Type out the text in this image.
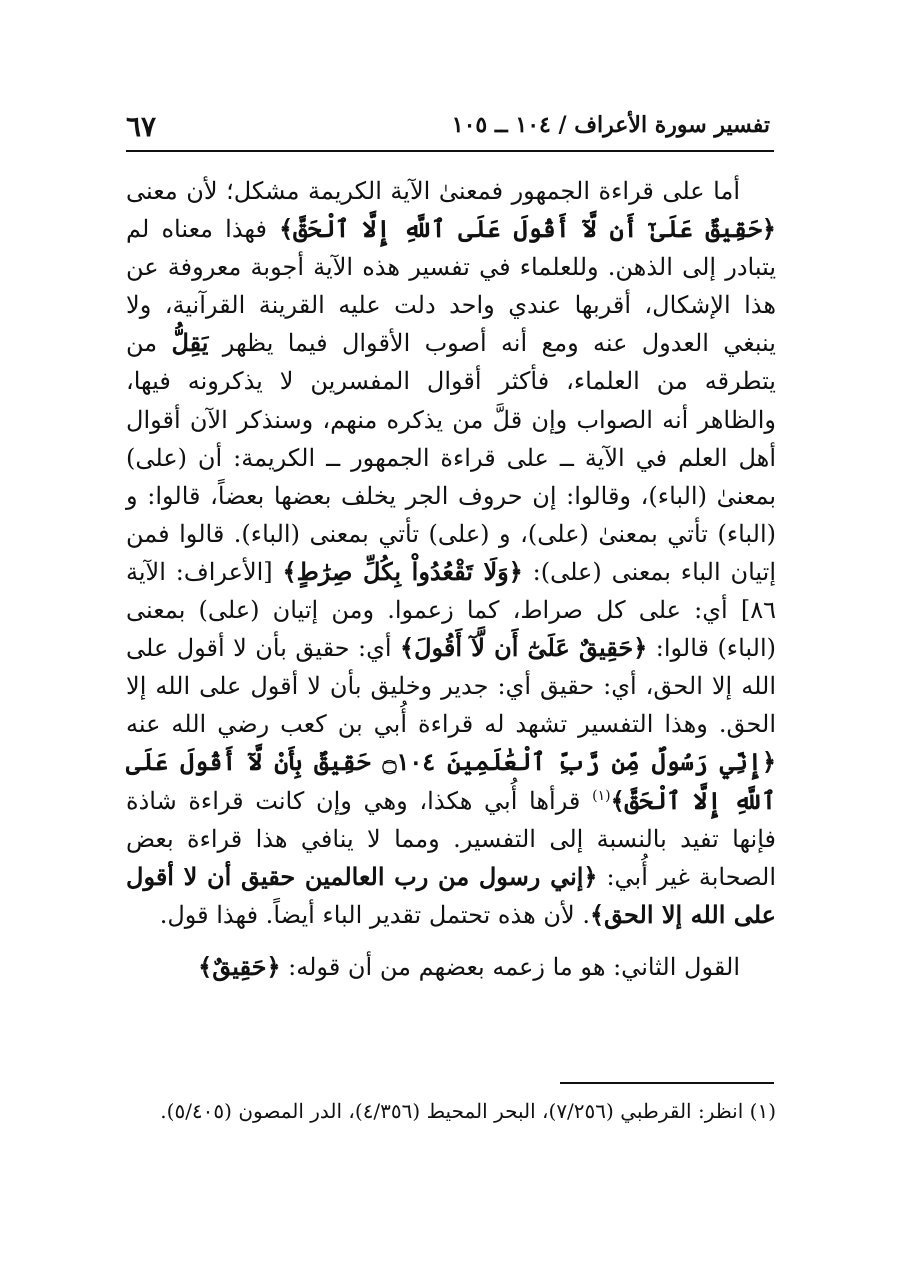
تفسير سورة الأعراف / ١٠٤ ــ ١٠٥
٦٧

أما على قراءة الجمهور فمعنىٰ الآية الكريمة مشكل؛ لأن معنى ﴿حَقِيقٌ عَلَىٰٓ أَن لَّآ أَقُولَ عَلَى ٱللَّهِ إِلَّا ٱلْحَقَّ﴾ فهذا معناه لم يتبادر إلى الذهن. وللعلماء في تفسير هذه الآية أجوبة معروفة عن هذا الإشكال، أقربها عندي واحد دلت عليه القرينة القرآنية، ولا ينبغي العدول عنه ومع أنه أصوب الأقوال فيما يظهر يَقِلُّ من يتطرقه من العلماء، فأكثر أقوال المفسرين لا يذكرونه فيها، والظاهر أنه الصواب وإن قلَّ من يذكره منهم، وسنذكر الآن أقوال أهل العلم في الآية ــ على قراءة الجمهور ــ الكريمة: أن (على) بمعنىٰ (الباء)، وقالوا: إن حروف الجر يخلف بعضها بعضاً، قالوا: و (الباء) تأتي بمعنىٰ (على)، و (على) تأتي بمعنى (الباء). قالوا فمن إتيان الباء بمعنى (على): ﴿وَلَا تَقْعُدُواْ بِكُلِّ صِرَٰطٍ﴾ [الأعراف: الآية ٨٦] أي: على كل صراط، كما زعموا. ومن إتيان (على) بمعنى (الباء) قالوا: ﴿حَقِيقٌ عَلَىٰٓ أَن لَّآ أَقُولَ﴾ أي: حقيق بأن لا أقول على الله إلا الحق، أي: حقيق أي: جدير وخليق بأن لا أقول على الله إلا الحق. وهذا التفسير تشهد له قراءة أُبي بن كعب رضي الله عنه ﴿إِنِّي رَسُولٌ مِّن رَّبِّ ٱلْعَٰلَمِينَ ۝١٠٤ حَقِيقٌ بِأَنْ لَّآ أَقُولَ عَلَى ٱللَّهِ إِلَّا ٱلْحَقَّ﴾$^{(١)}$ قرأها أُبي هكذا، وهي وإن كانت قراءة شاذة فإنها تفيد بالنسبة إلى التفسير. ومما لا ينافي هذا قراءة بعض الصحابة غير أُبي: ﴿إني رسول من رب العالمين حقيق أن لا أقول على الله إلا الحق﴾. لأن هذه تحتمل تقدير الباء أيضاً. فهذا قول.

القول الثاني: هو ما زعمه بعضهم من أن قوله: ﴿حَقِيقٌ﴾

(١) انظر: القرطبي (٧/٢٥٦)، البحر المحيط (٤/٣٥٦)، الدر المصون (٥/٤٠٥).
